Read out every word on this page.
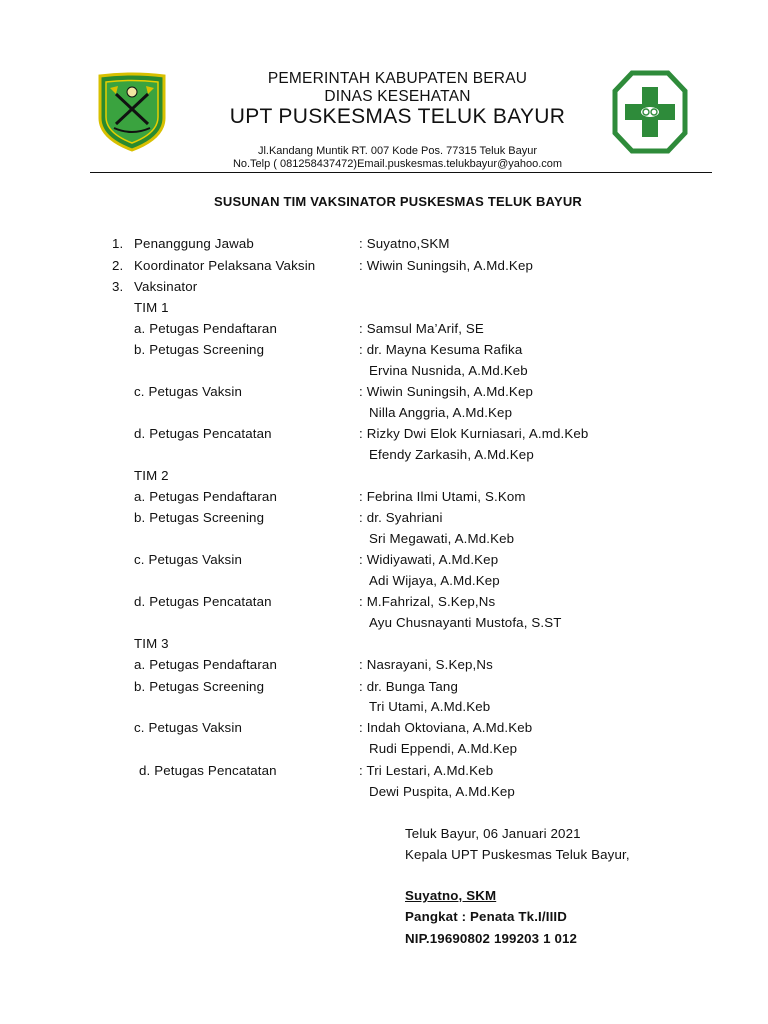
PEMERINTAH KABUPATEN BERAU
DINAS KESEHATAN
UPT PUSKESMAS TELUK BAYUR
Jl.Kandang Muntik RT. 007 Kode Pos. 77315 Teluk Bayur
No.Telp ( 081258437472)Email.puskesmas.telukbayur@yahoo.com
SUSUNAN TIM VAKSINATOR PUSKESMAS TELUK BAYUR
1. Penanggung Jawab	: Suyatno,SKM
2. Koordinator Pelaksana Vaksin	: Wiwin Suningsih, A.Md.Kep
3. Vaksinator
TIM 1
a. Petugas Pendaftaran	: Samsul Ma’Arif, SE
b. Petugas Screening	: dr. Mayna Kesuma Rafika
Ervina Nusnida, A.Md.Keb
c. Petugas Vaksin	: Wiwin Suningsih, A.Md.Kep
Nilla Anggria, A.Md.Kep
d. Petugas Pencatatan	: Rizky Dwi Elok Kurniasari, A.md.Keb
Efendy Zarkasih, A.Md.Kep
TIM 2
a. Petugas Pendaftaran	: Febrina Ilmi Utami, S.Kom
b. Petugas Screening	: dr. Syahriani
Sri Megawati, A.Md.Keb
c. Petugas Vaksin	: Widiyawati, A.Md.Kep
Adi Wijaya, A.Md.Kep
d. Petugas Pencatatan	: M.Fahrizal, S.Kep,Ns
Ayu Chusnayanti Mustofa, S.ST
TIM 3
a. Petugas Pendaftaran	: Nasrayani, S.Kep,Ns
b. Petugas Screening	: dr. Bunga Tang
Tri Utami, A.Md.Keb
c. Petugas Vaksin	: Indah Oktoviana, A.Md.Keb
Rudi Eppendi, A.Md.Kep
d. Petugas Pencatatan	: Tri Lestari, A.Md.Keb
Dewi Puspita, A.Md.Kep
Teluk Bayur, 06 Januari 2021
Kepala UPT Puskesmas Teluk Bayur,
Suyatno, SKM
Pangkat : Penata Tk.I/IIID
NIP.19690802 199203 1 012
